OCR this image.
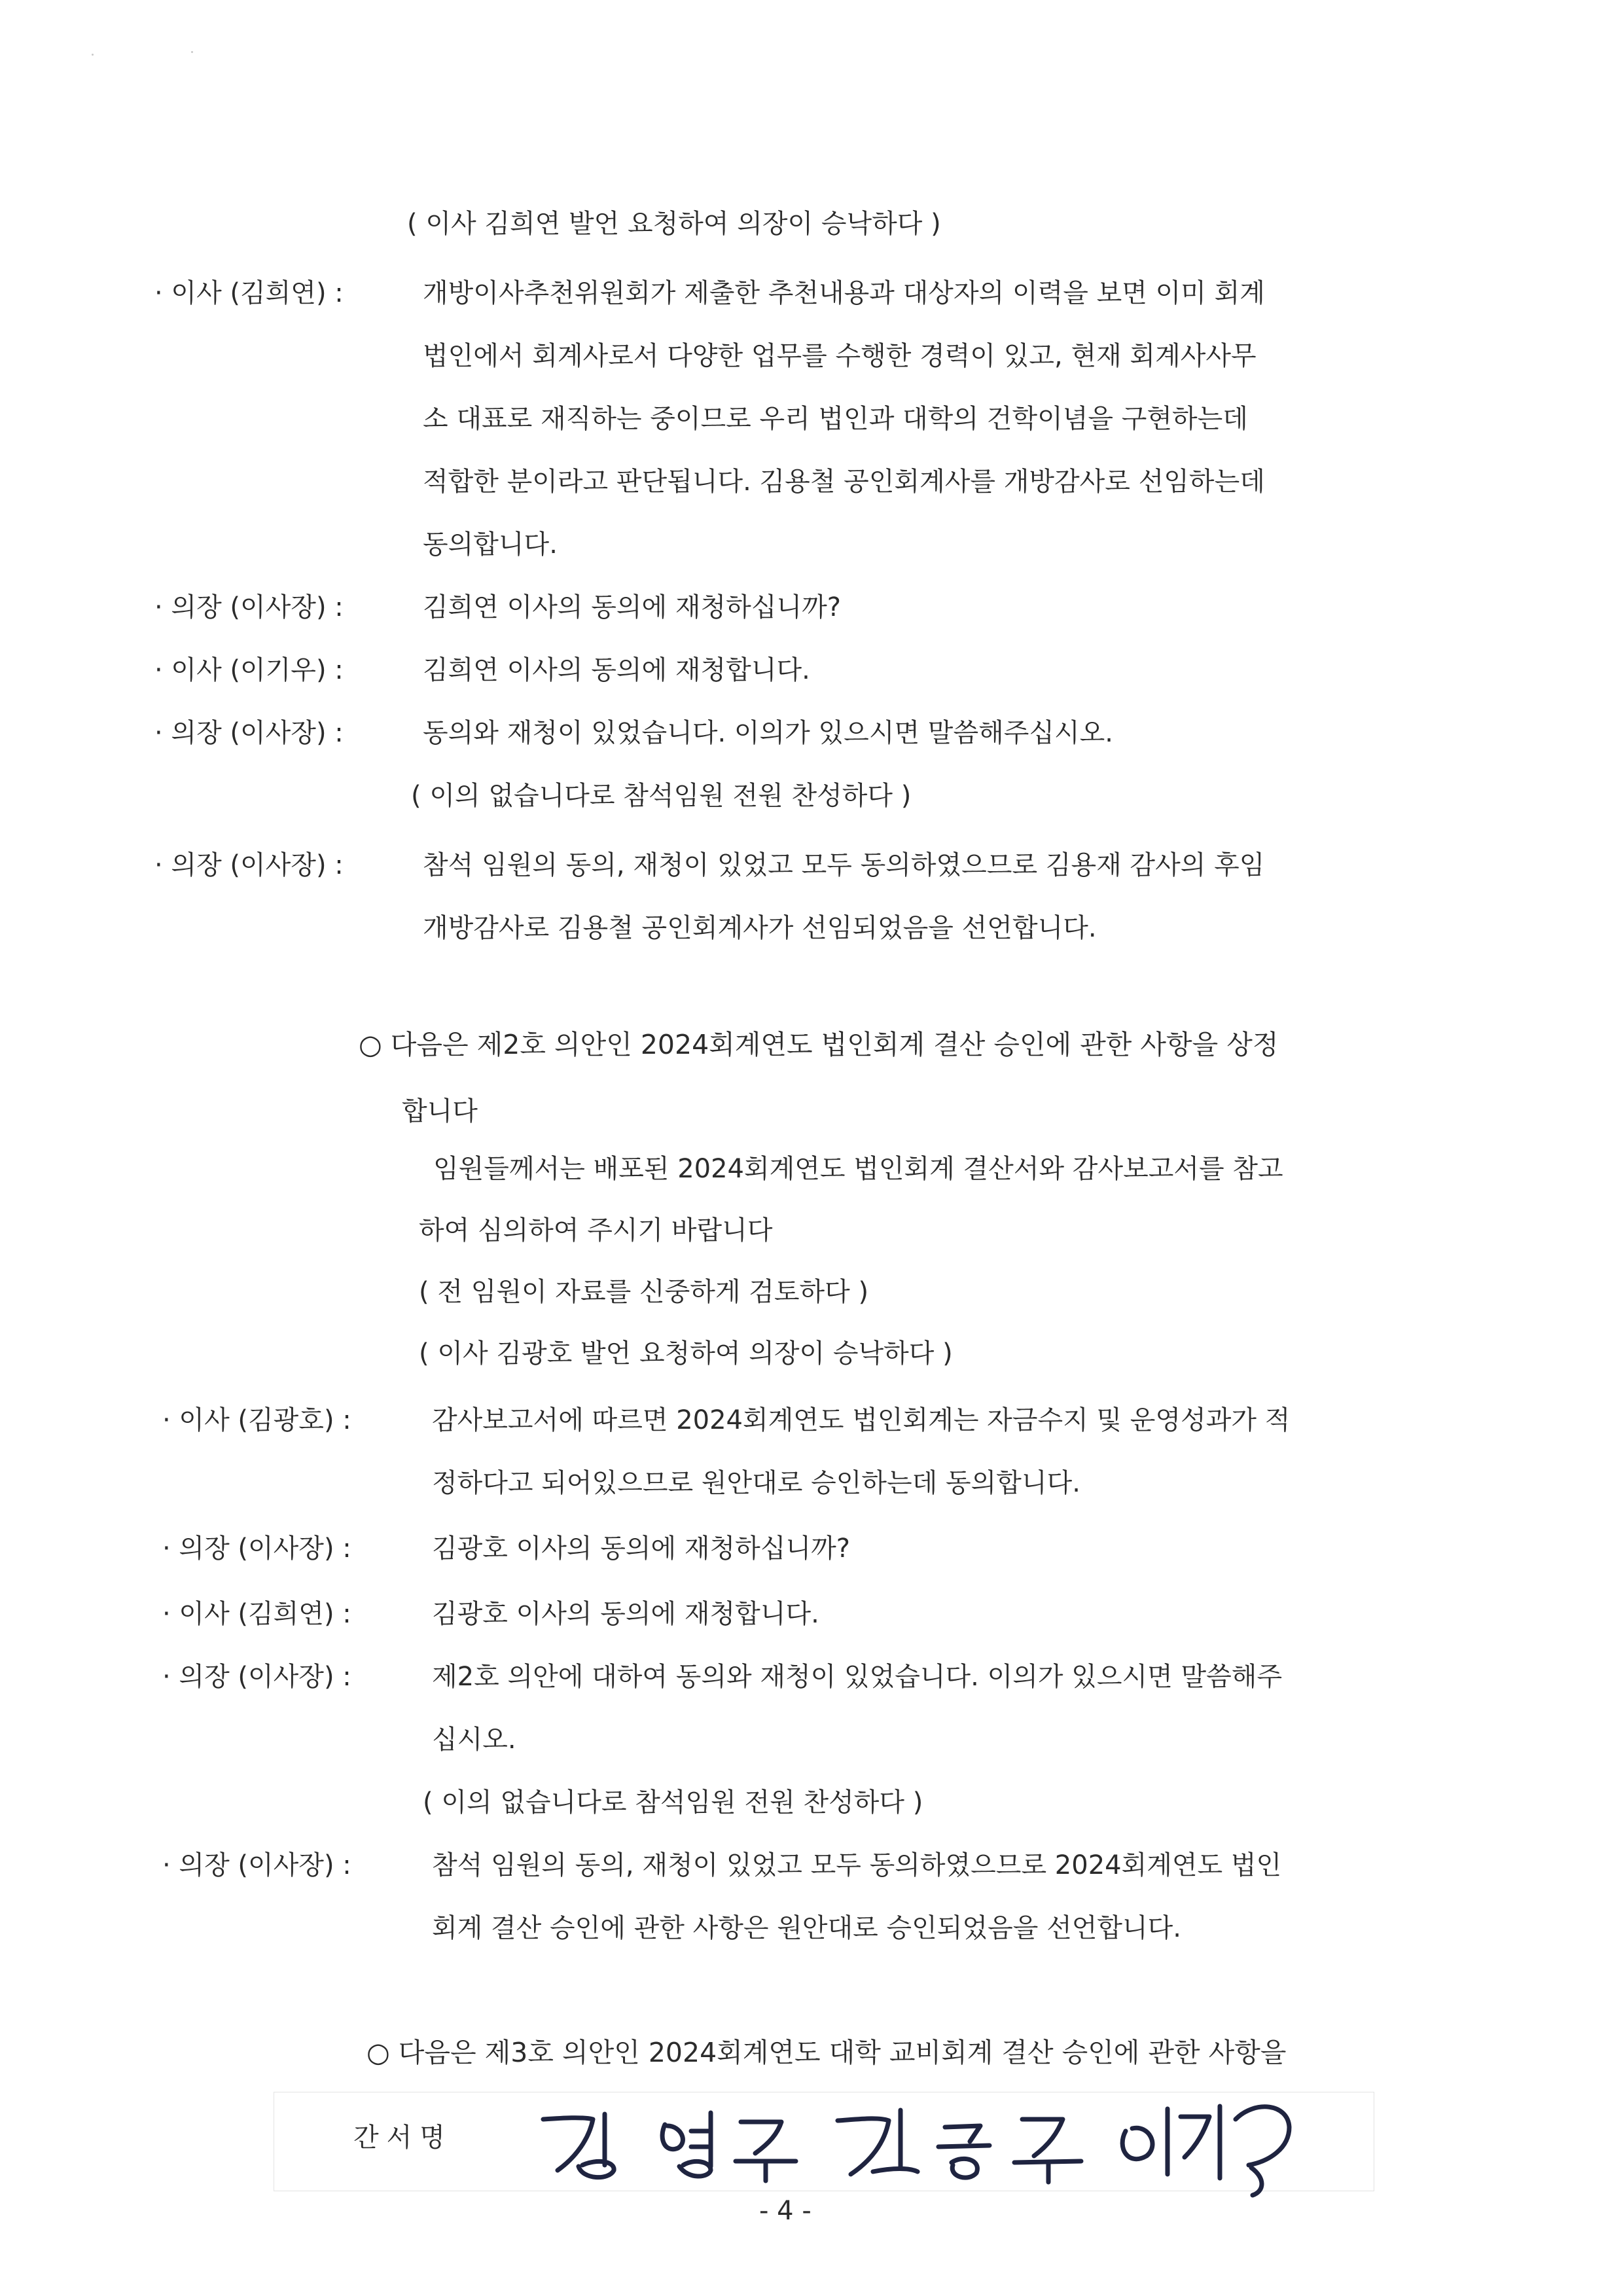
( 이사 김희연 발언 요청하여 의장이 승낙하다 )
· 이사 (김희연) :	개방이사추천위원회가 제출한 추천내용과 대상자의 이력을 보면 이미 회계
법인에서 회계사로서 다양한 업무를 수행한 경력이 있고, 현재 회계사사무
소 대표로 재직하는 중이므로 우리 법인과 대학의 건학이념을 구현하는데
적합한 분이라고 판단됩니다. 김용철 공인회계사를 개방감사로 선임하는데
동의합니다.
· 의장 (이사장) :	김희연 이사의 동의에 재청하십니까?
· 이사 (이기우) :	김희연 이사의 동의에 재청합니다.
· 의장 (이사장) :	동의와 재청이 있었습니다. 이의가 있으시면 말씀해주십시오.
( 이의 없습니다로 참석임원 전원 찬성하다 )
· 의장 (이사장) :	참석 임원의 동의, 재청이 있었고 모두 동의하였으므로 김용재 감사의 후임
개방감사로 김용철 공인회계사가 선임되었음을 선언합니다.
○ 다음은 제2호 의안인 2024회계연도 법인회계 결산 승인에 관한 사항을 상정
합니다
임원들께서는 배포된 2024회계연도 법인회계 결산서와 감사보고서를 참고
하여 심의하여 주시기 바랍니다
( 전 임원이 자료를 신중하게 검토하다 )
( 이사 김광호 발언 요청하여 의장이 승낙하다 )
· 이사 (김광호) :	감사보고서에 따르면 2024회계연도 법인회계는 자금수지 및 운영성과가 적
정하다고 되어있으므로 원안대로 승인하는데 동의합니다.
· 의장 (이사장) :	김광호 이사의 동의에 재청하십니까?
· 이사 (김희연) :	김광호 이사의 동의에 재청합니다.
· 의장 (이사장) :	제2호 의안에 대하여 동의와 재청이 있었습니다. 이의가 있으시면 말씀해주
십시오.
( 이의 없습니다로 참석임원 전원 찬성하다 )
· 의장 (이사장) :	참석 임원의 동의, 재청이 있었고 모두 동의하였으므로 2024회계연도 법인
회계 결산 승인에 관한 사항은 원안대로 승인되었음을 선언합니다.
○ 다음은 제3호 의안인 2024회계연도 대학 교비회계 결산 승인에 관한 사항을
간서명
- 4 -
